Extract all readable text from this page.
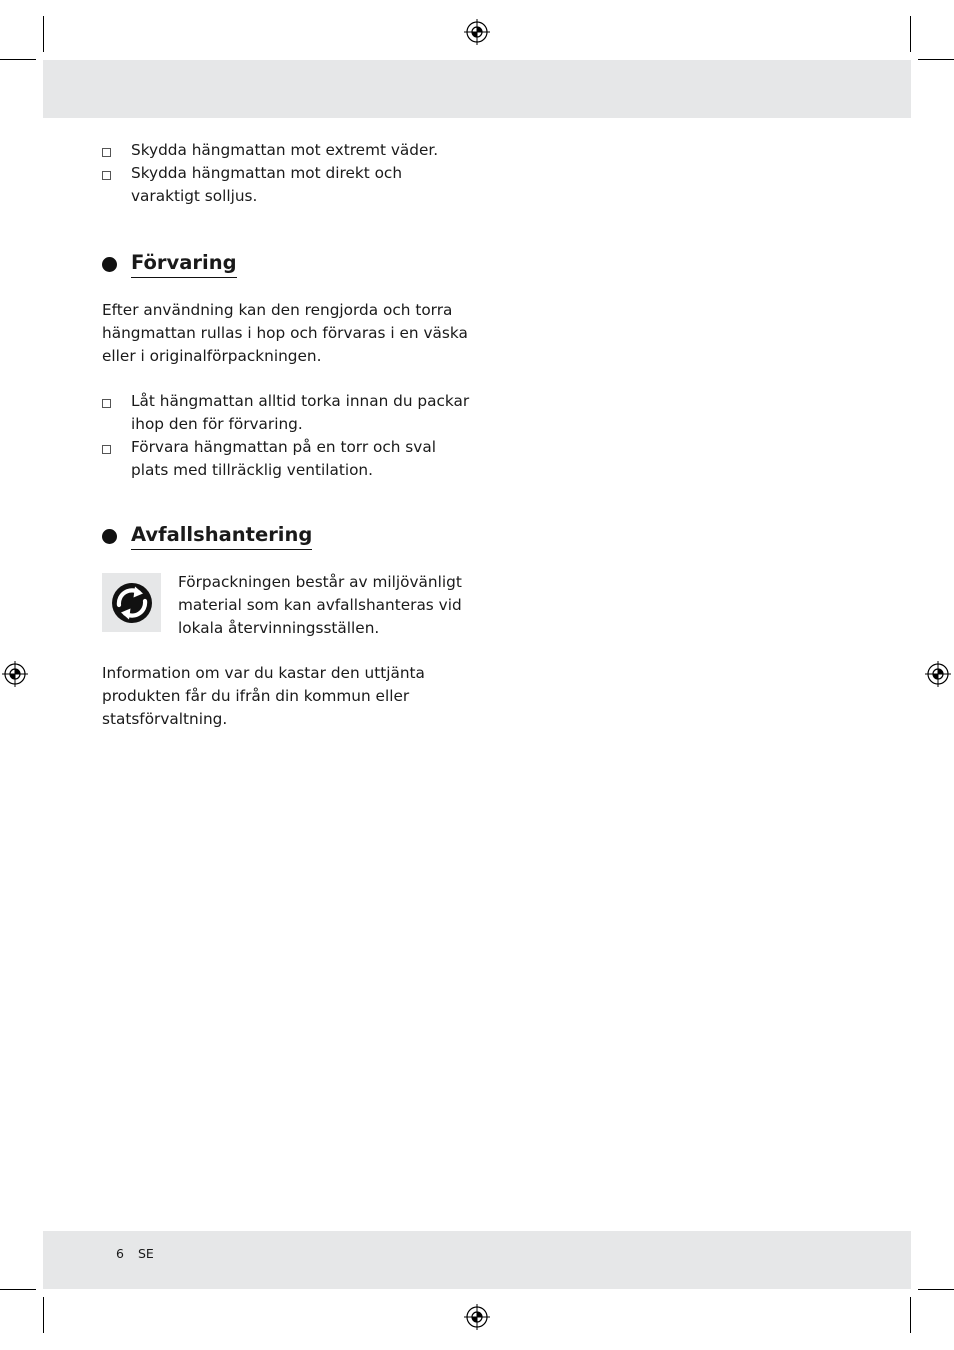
Skydda hängmattan mot extremt väder.
Skydda hängmattan mot direkt och varaktigt solljus.
Förvaring

Efter användning kan den rengjorda och torra hängmattan rullas i hop och förvaras i en väska eller i originalförpackningen.

Låt hängmattan alltid torka innan du packar ihop den för förvaring.
Förvara hängmattan på en torr och sval plats med tillräcklig ventilation.
Avfallshantering

Förpackningen består av miljövänligt material som kan avfallshanteras vid lokala återvinningsställen.

Information om var du kastar den uttjänta produkten får du ifrån din kommun eller statsförvaltning.

6 SE
